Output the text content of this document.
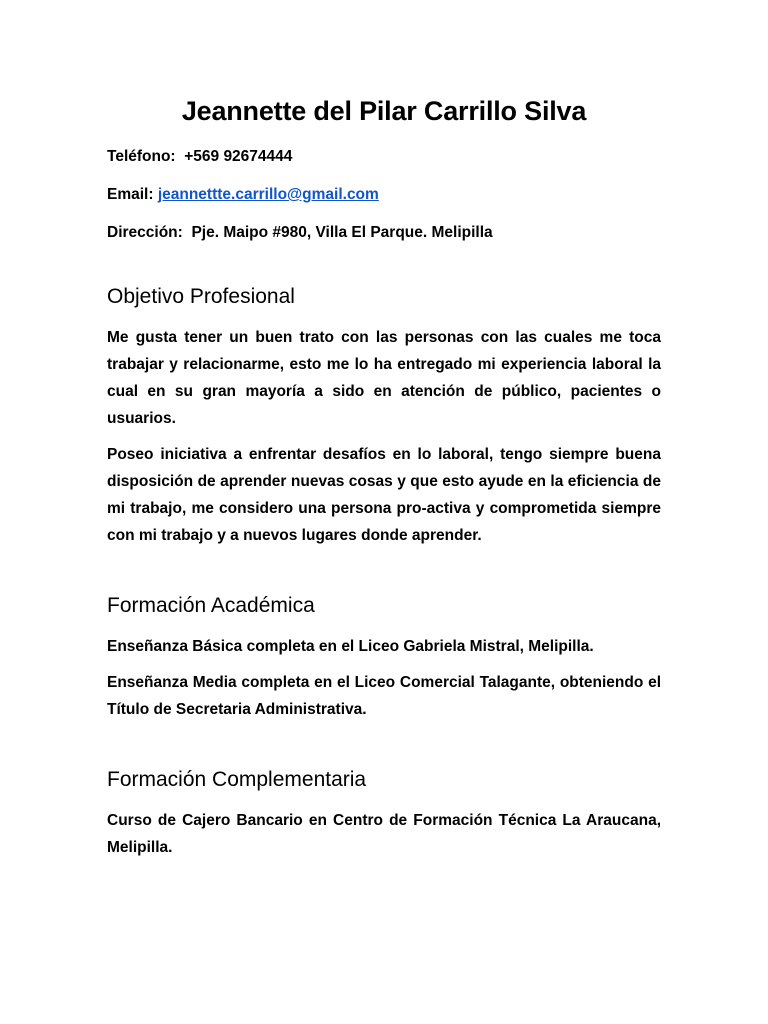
Jeannette del Pilar Carrillo Silva
Teléfono: +569 92674444
Email: jeannettte.carrillo@gmail.com
Dirección: Pje. Maipo #980, Villa El Parque. Melipilla
Objetivo Profesional

Me gusta tener un buen trato con las personas con las cuales me toca trabajar y relacionarme, esto me lo ha entregado mi experiencia laboral la cual en su gran mayoría a sido en atención de público, pacientes o usuarios.

Poseo iniciativa a enfrentar desafíos en lo laboral, tengo siempre buena disposición de aprender nuevas cosas y que esto ayude en la eficiencia de mi trabajo, me considero una persona pro-activa y comprometida siempre con mi trabajo y a nuevos lugares donde aprender.

Formación Académica

Enseñanza Básica completa en el Liceo Gabriela Mistral, Melipilla.

Enseñanza Media completa en el Liceo Comercial Talagante, obteniendo el Título de Secretaria Administrativa.

Formación Complementaria

Curso de Cajero Bancario en Centro de Formación Técnica La Araucana, Melipilla.
